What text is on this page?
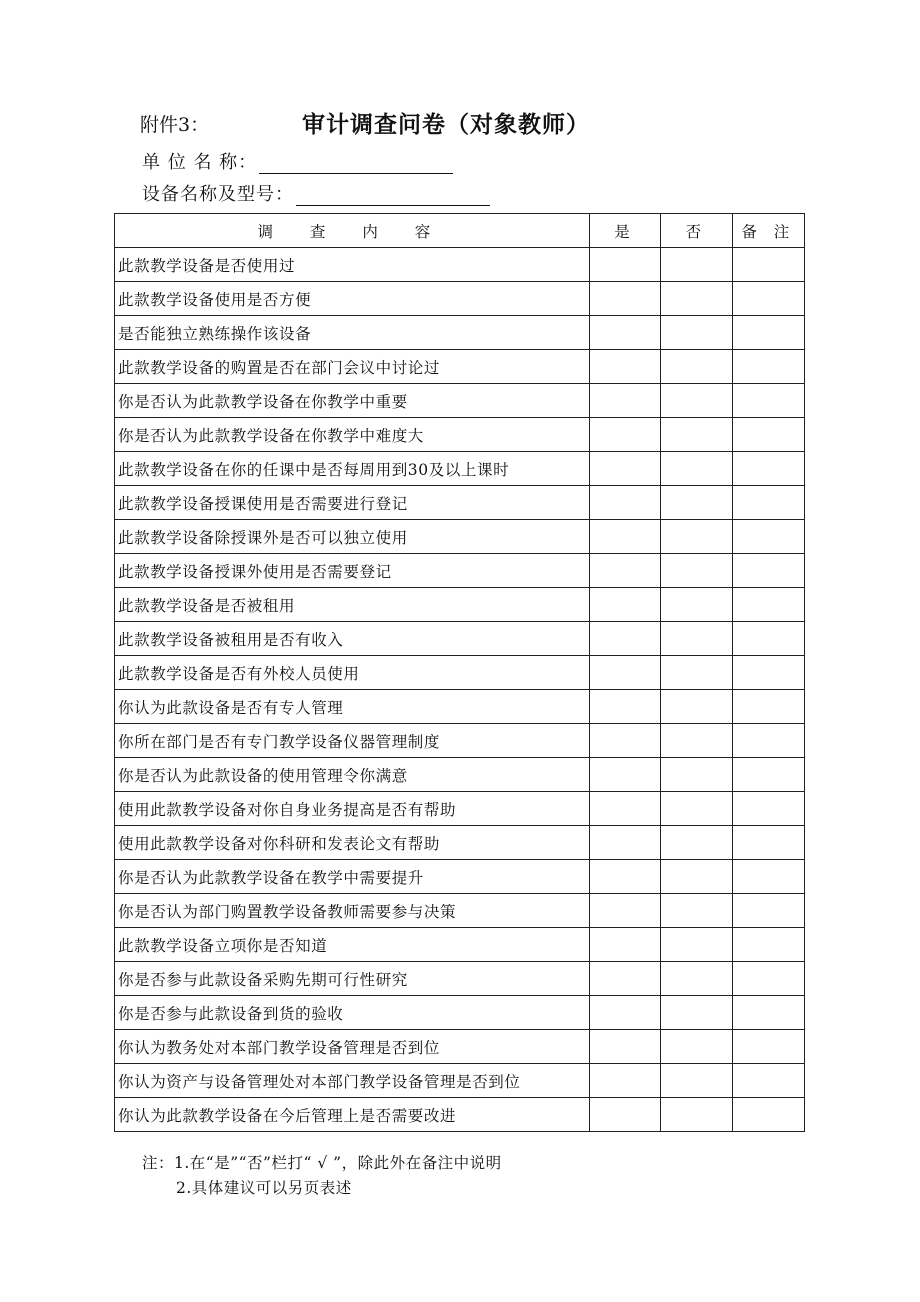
附件3：	审计调查问卷（对象教师）
单 位 名 称：
设备名称及型号：
调 查 内 容	是	否	备 注
此款教学设备是否使用过			
此款教学设备使用是否方便			
是否能独立熟练操作该设备			
此款教学设备的购置是否在部门会议中讨论过			
你是否认为此款教学设备在你教学中重要			
你是否认为此款教学设备在你教学中难度大			
此款教学设备在你的任课中是否每周用到30及以上课时			
此款教学设备授课使用是否需要进行登记			
此款教学设备除授课外是否可以独立使用			
此款教学设备授课外使用是否需要登记			
此款教学设备是否被租用			
此款教学设备被租用是否有收入			
此款教学设备是否有外校人员使用			
你认为此款设备是否有专人管理			
你所在部门是否有专门教学设备仪器管理制度			
你是否认为此款设备的使用管理令你满意			
使用此款教学设备对你自身业务提高是否有帮助			
使用此款教学设备对你科研和发表论文有帮助			
你是否认为此款教学设备在教学中需要提升			
你是否认为部门购置教学设备教师需要参与决策			
此款教学设备立项你是否知道			
你是否参与此款设备采购先期可行性研究			
你是否参与此款设备到货的验收			
你认为教务处对本部门教学设备管理是否到位			
你认为资产与设备管理处对本部门教学设备管理是否到位			
你认为此款教学设备在今后管理上是否需要改进			
注：1.在“是”“否”栏打“ √ ”，除此外在备注中说明
2.具体建议可以另页表述
